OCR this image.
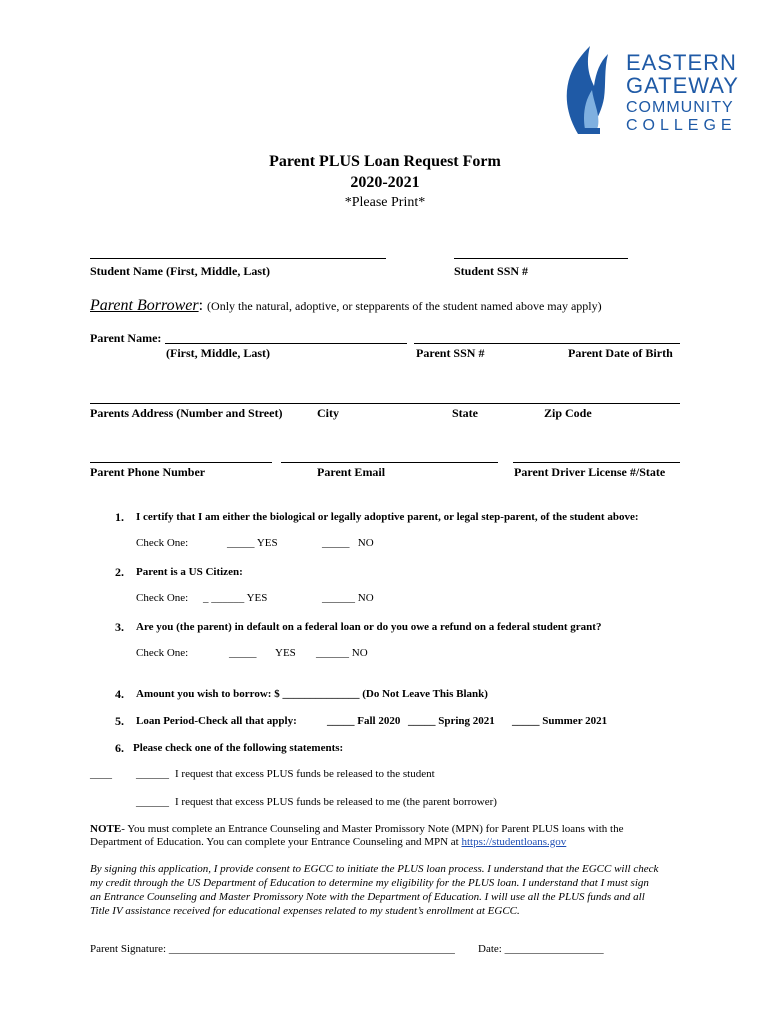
EASTERN
GATEWAY
COMMUNITY
COLLEGE
Parent PLUS Loan Request Form
2020-2021
*Please Print*
Student Name (First, Middle, Last)	Student SSN #
Parent Borrower: (Only the natural, adoptive, or stepparents of the student named above may apply)
Parent Name:
(First, Middle, Last)	Parent SSN #	Parent Date of Birth
Parents Address (Number and Street)	City	State	Zip Code
Parent Phone Number	Parent Email	Parent Driver License #/State
1. I certify that I am either the biological or legally adoptive parent, or legal step-parent, of the student above:
Check One:	_____ YES	_____   NO
2. Parent is a US Citizen:
Check One: _ ______ YES	______ NO
3. Are you (the parent) in default on a federal loan or do you owe a refund on a federal student grant?
Check One:	_____ YES ______ NO
4. Amount you wish to borrow: $ ______________ (Do Not Leave This Blank)
5. Loan Period-Check all that apply:	_____ Fall 2020 _____ Spring 2021 _____ Summer 2021
6. Please check one of the following statements:
____ ______ I request that excess PLUS funds be released to the student
______ I request that excess PLUS funds be released to me (the parent borrower)
NOTE- You must complete an Entrance Counseling and Master Promissory Note (MPN) for Parent PLUS loans with the
Department of Education. You can complete your Entrance Counseling and MPN at https://studentloans.gov
By signing this application, I provide consent to EGCC to initiate the PLUS loan process. I understand that the EGCC will check
my credit through the US Department of Education to determine my eligibility for the PLUS loan. I understand that I must sign
an Entrance Counseling and Master Promissory Note with the Department of Education. I will use all the PLUS funds and all
Title IV assistance received for educational expenses related to my student’s enrollment at EGCC.
Parent Signature: ____________________________________________________ Date: __________________
